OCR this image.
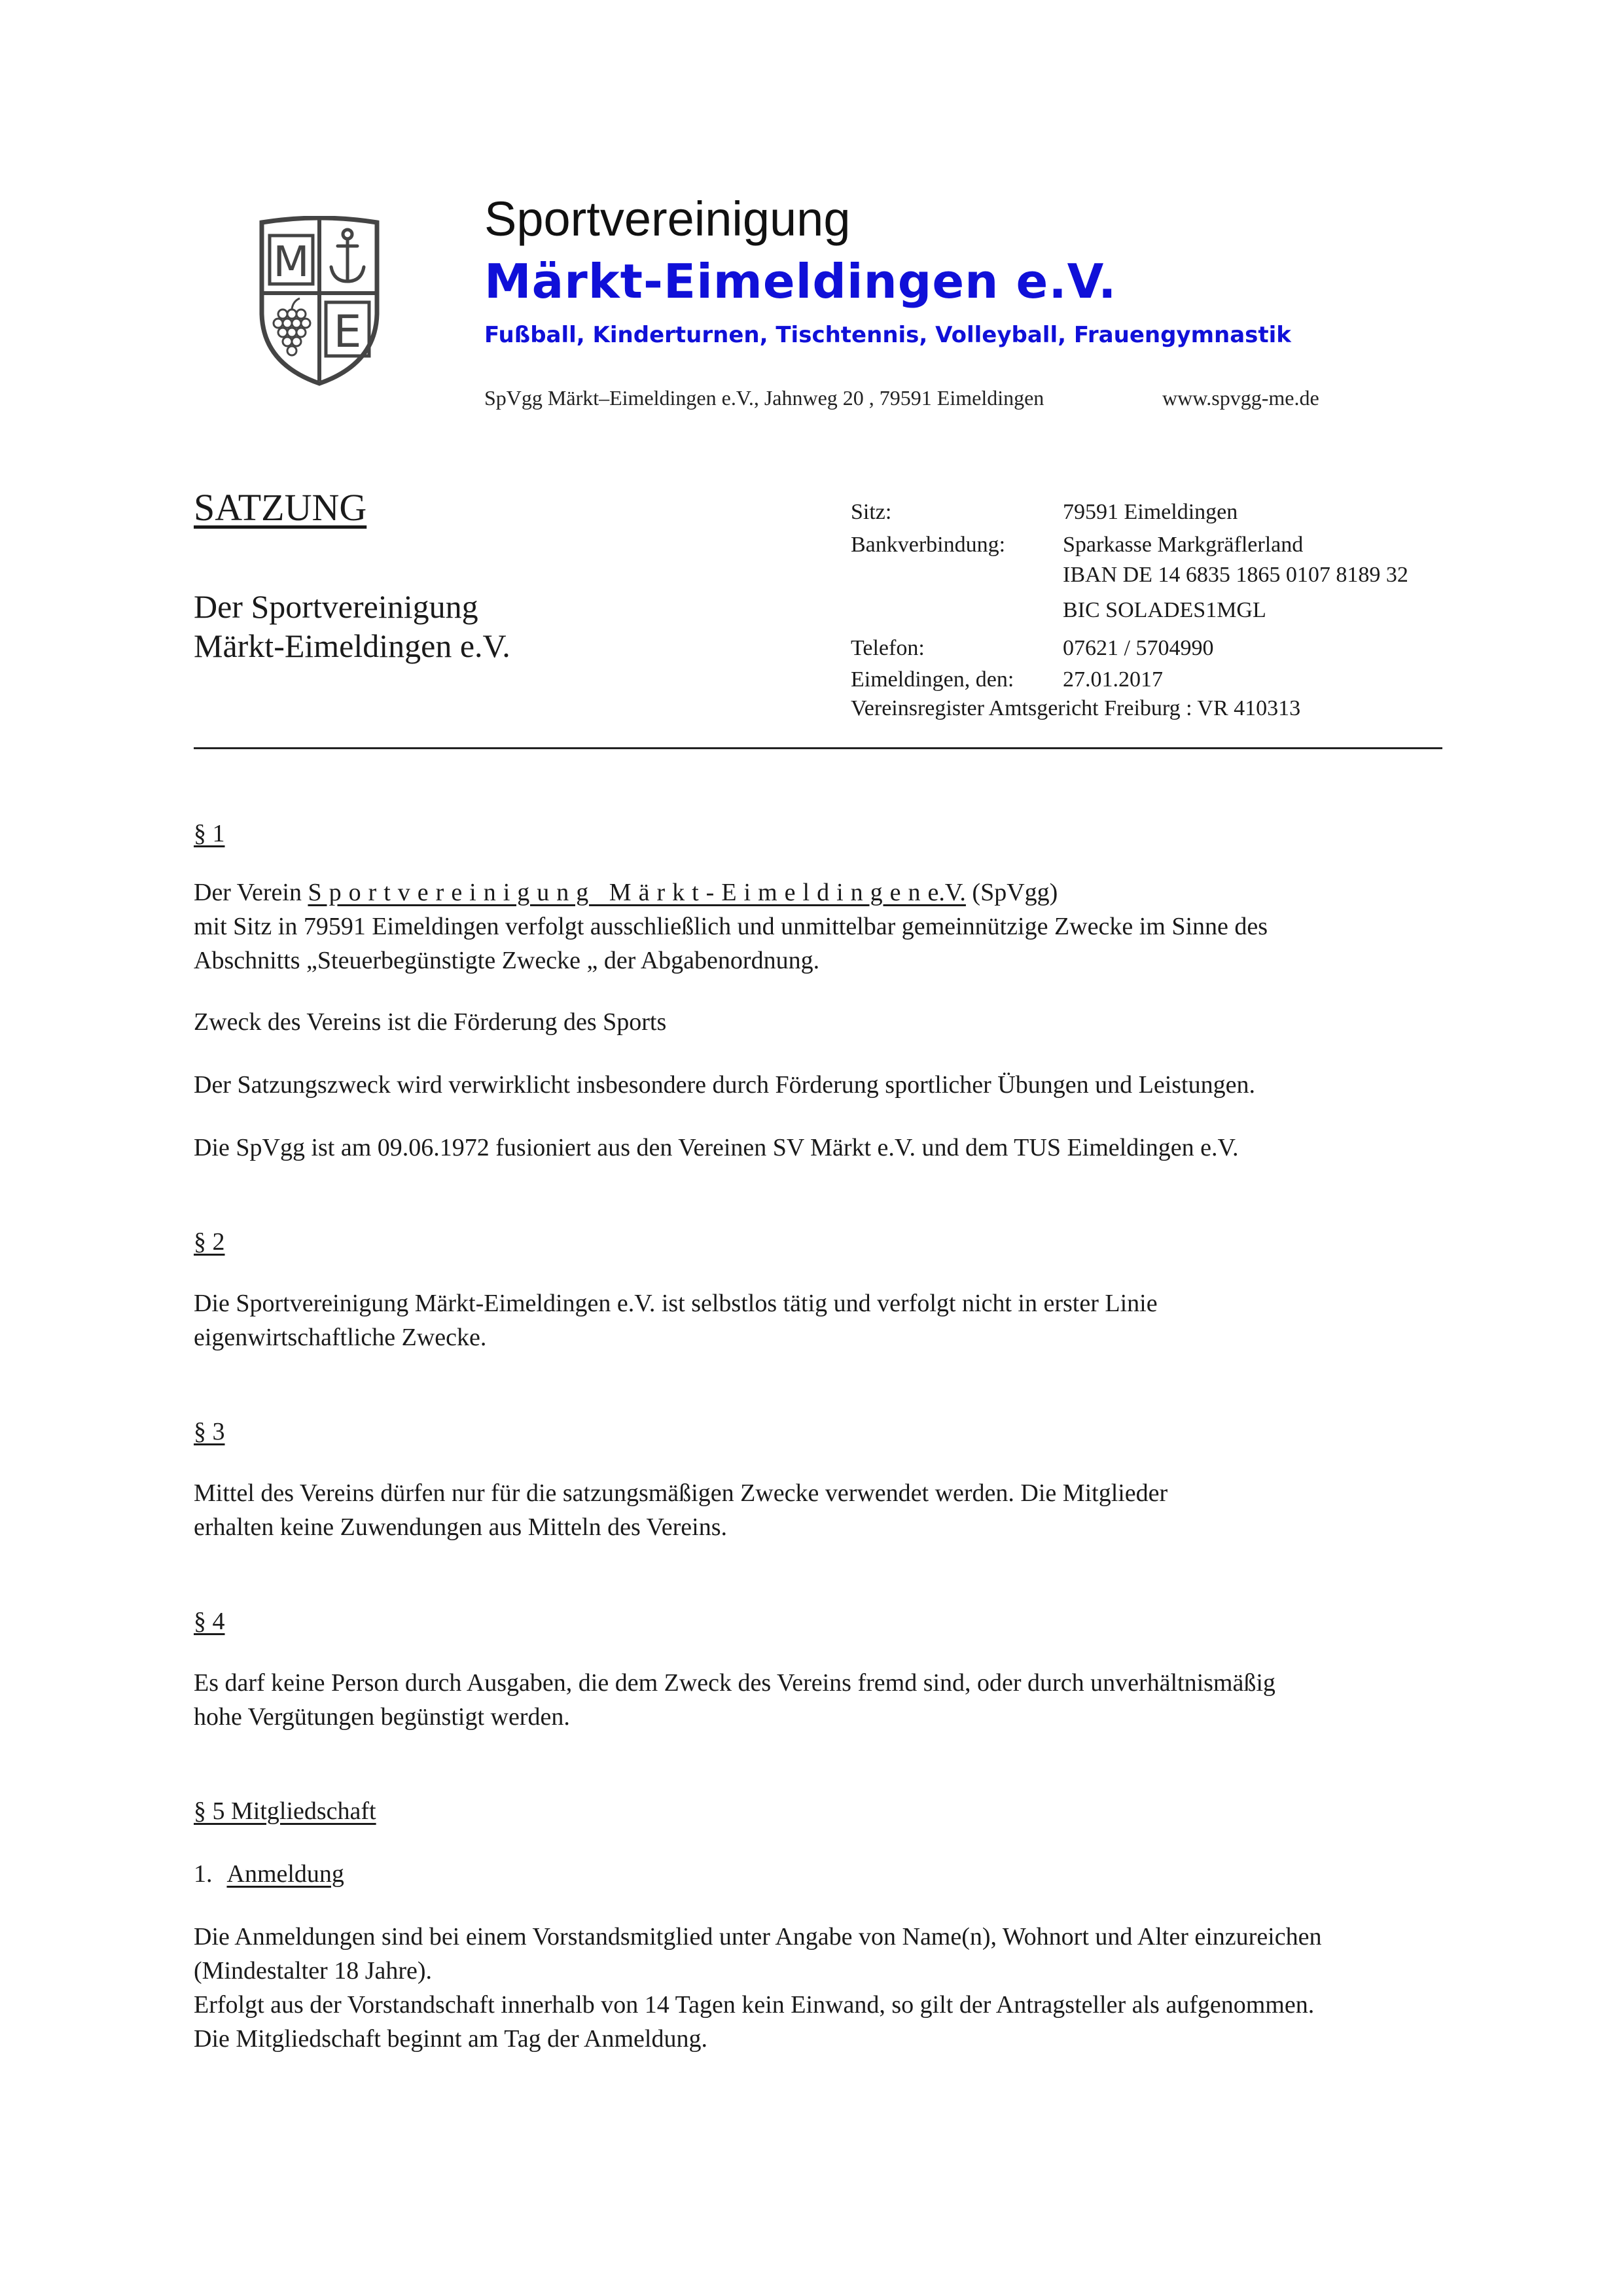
M
E
Sportvereinigung
Märkt-Eimeldingen e.V.
Fußball, Kinderturnen, Tischtennis, Volleyball, Frauengymnastik
SpVgg Märkt–Eimeldingen e.V., Jahnweg 20 , 79591 Eimeldingen	www.spvgg-me.de
SATZUNG
Der Sportvereinigung
Märkt-Eimeldingen e.V.
Sitz:	79591 Eimeldingen
Bankverbindung:	Sparkasse Markgräflerland
IBAN DE 14 6835 1865 0107 8189 32
BIC SOLADES1MGL
Telefon:	07621 / 5704990
Eimeldingen, den: 27.01.2017
Vereinsregister Amtsgericht Freiburg : VR 410313
§ 1
Der Verein Sportvereinigung Märkt-Eimeldingene.V. (SpVgg)
mit Sitz in 79591 Eimeldingen verfolgt ausschließlich und unmittelbar gemeinnützige Zwecke im Sinne des
Abschnitts „Steuerbegünstigte Zwecke „ der Abgabenordnung.
Zweck des Vereins ist die Förderung des Sports
Der Satzungszweck wird verwirklicht insbesondere durch Förderung sportlicher Übungen und Leistungen.
Die SpVgg ist am 09.06.1972 fusioniert aus den Vereinen SV Märkt e.V. und dem TUS Eimeldingen e.V.
§ 2
Die Sportvereinigung Märkt-Eimeldingen e.V. ist selbstlos tätig und verfolgt nicht in erster Linie
eigenwirtschaftliche Zwecke.
§ 3
Mittel des Vereins dürfen nur für die satzungsmäßigen Zwecke verwendet werden. Die Mitglieder
erhalten keine Zuwendungen aus Mitteln des Vereins.
§ 4
Es darf keine Person durch Ausgaben, die dem Zweck des Vereins fremd sind, oder durch unverhältnismäßig
hohe Vergütungen begünstigt werden.
§ 5 Mitgliedschaft
1. Anmeldung
Die Anmeldungen sind bei einem Vorstandsmitglied unter Angabe von Name(n), Wohnort und Alter einzureichen
(Mindestalter 18 Jahre).
Erfolgt aus der Vorstandschaft innerhalb von 14 Tagen kein Einwand, so gilt der Antragsteller als aufgenommen.
Die Mitgliedschaft beginnt am Tag der Anmeldung.
